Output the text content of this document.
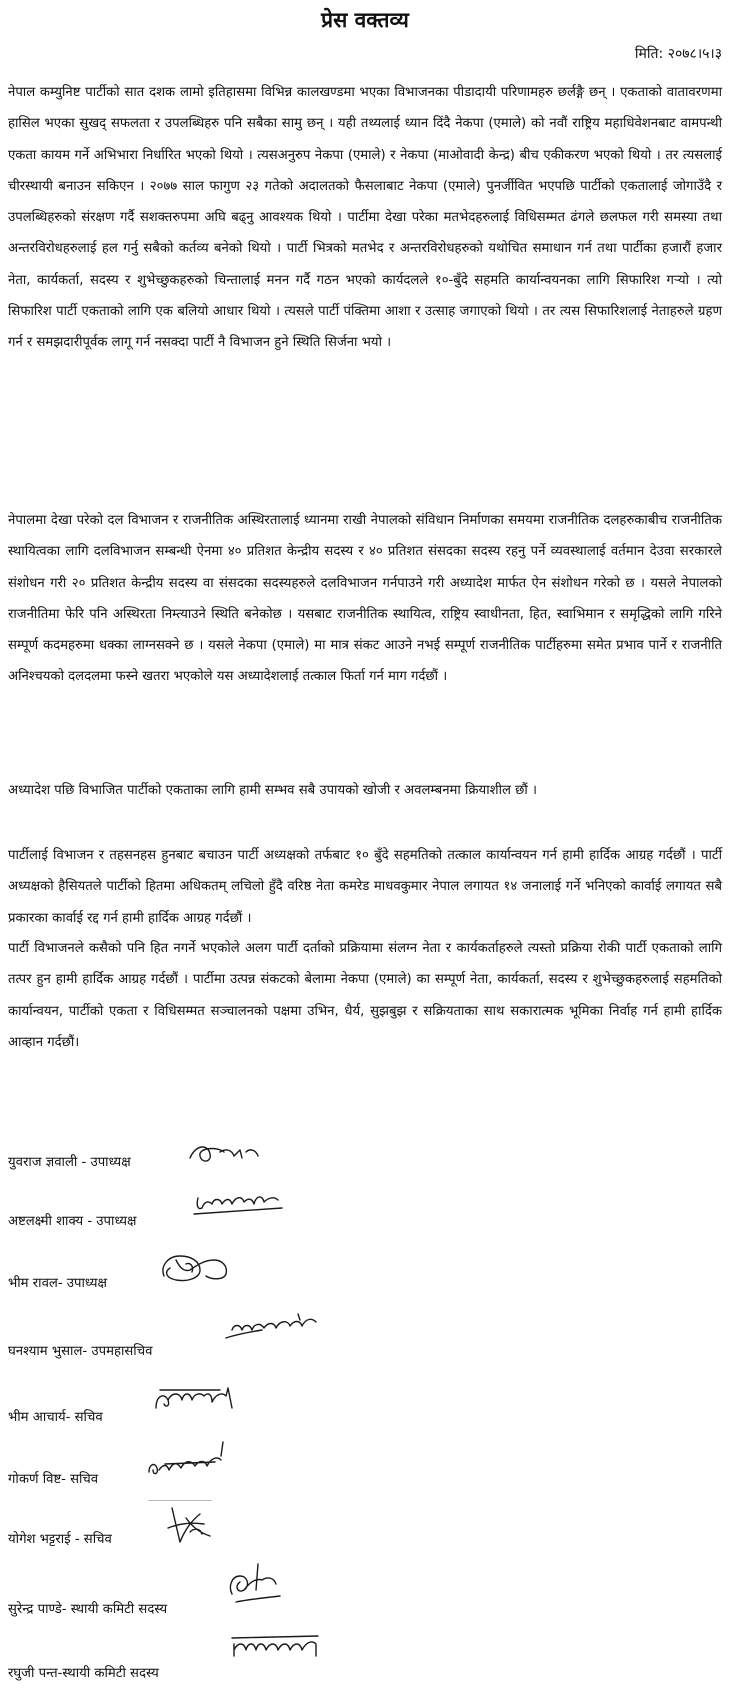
प्रेस वक्तव्य
मिति: २०७८।५।३

नेपाल कम्युनिष्ट पार्टीको सात दशक लामो इतिहासमा विभिन्न कालखण्डमा भएका विभाजनका पीडादायी परिणामहरु छर्लङ्गै छन् । एकताको वातावरणमा हासिल भएका सुखद् सफलता र उपलब्धिहरु पनि सबैका सामु छन् । यही तथ्यलाई ध्यान दिंदै नेकपा (एमाले) को नवौं राष्ट्रिय महाधिवेशनबाट वामपन्थी एकता कायम गर्ने अभिभारा निर्धारित भएको थियो । त्यसअनुरुप नेकपा (एमाले) र नेकपा (माओवादी केन्द्र) बीच एकीकरण भएको थियो । तर त्यसलाई चीरस्थायी बनाउन सकिएन । २०७७ साल फागुण २३ गतेको अदालतको फैसलाबाट नेकपा (एमाले) पुनर्जीवित भएपछि पार्टीको एकतालाई जोगाउँदै र उपलब्धिहरुको संरक्षण गर्दै सशक्तरुपमा अघि बढ्नु आवश्यक थियो । पार्टीमा देखा परेका मतभेदहरुलाई विधिसम्मत ढंगले छलफल गरी समस्या तथा अन्तरविरोधहरुलाई हल गर्नु सबैको कर्तव्य बनेको थियो । पार्टी भित्रको मतभेद र अन्तरविरोधहरुको यथोचित समाधान गर्न तथा पार्टीका हजारौं हजार नेता, कार्यकर्ता, सदस्य र शुभेच्छुकहरुको चिन्तालाई मनन गर्दै गठन भएको कार्यदलले १०-बुँदे सहमति कार्यान्वयनका लागि सिफारिश गऱ्यो । त्यो सिफारिश पार्टी एकताको लागि एक बलियो आधार थियो । त्यसले पार्टी पंक्तिमा आशा र उत्साह जगाएको थियो । तर त्यस सिफारिशलाई नेताहरुले ग्रहण गर्न र समझदारीपूर्वक लागू गर्न नसक्दा पार्टी नै विभाजन हुने स्थिति सिर्जना भयो ।

नेपालमा देखा परेको दल विभाजन र राजनीतिक अस्थिरतालाई ध्यानमा राखी नेपालको संविधान निर्माणका समयमा राजनीतिक दलहरुकाबीच राजनीतिक स्थायित्वका लागि दलविभाजन सम्बन्धी ऐनमा ४० प्रतिशत केन्द्रीय सदस्य र ४० प्रतिशत संसदका सदस्य रहनु पर्ने व्यवस्थालाई वर्तमान देउवा सरकारले संशोधन गरी २० प्रतिशत केन्द्रीय सदस्य वा संसदका सदस्यहरुले दलविभाजन गर्नपाउने गरी अध्यादेश मार्फत ऐन संशोधन गरेको छ । यसले नेपालको राजनीतिमा फेरि पनि अस्थिरता निम्त्याउने स्थिति बनेकोछ । यसबाट राजनीतिक स्थायित्व, राष्ट्रिय स्वाधीनता, हित, स्वाभिमान र समृद्धिको लागि गरिने सम्पूर्ण कदमहरुमा धक्का लाग्नसक्ने छ । यसले नेकपा (एमाले) मा मात्र संकट आउने नभई सम्पूर्ण राजनीतिक पार्टीहरुमा समेत प्रभाव पार्ने र राजनीति अनिश्चयको दलदलमा फस्ने खतरा भएकोले यस अध्यादेशलाई तत्काल फिर्ता गर्न माग गर्दछौं ।

अध्यादेश पछि विभाजित पार्टीको एकताका लागि हामी सम्भव सबै उपायको खोजी र अवलम्बनमा क्रियाशील छौं ।

पार्टीलाई विभाजन र तहसनहस हुनबाट बचाउन पार्टी अध्यक्षको तर्फबाट १० बुँदे सहमतिको तत्काल कार्यान्वयन गर्न हामी हार्दिक आग्रह गर्दछौं । पार्टी अध्यक्षको हैसियतले पार्टीको हितमा अधिकतम् लचिलो हुँदै वरिष्ठ नेता कमरेड माधवकुमार नेपाल लगायत १४ जनालाई गर्ने भनिएको कार्वाई लगायत सबै प्रकारका कार्वाई रद्द गर्न हामी हार्दिक आग्रह गर्दछौं ।

पार्टी विभाजनले कसैको पनि हित नगर्ने भएकोले अलग पार्टी दर्ताको प्रक्रियामा संलग्न नेता र कार्यकर्ताहरुले त्यस्तो प्रक्रिया रोकी पार्टी एकताको लागि तत्पर हुन हामी हार्दिक आग्रह गर्दछौं । पार्टीमा उत्पन्न संकटको बेलामा नेकपा (एमाले) का सम्पूर्ण नेता, कार्यकर्ता, सदस्य र शुभेच्छुकहरुलाई सहमतिको कार्यान्वयन, पार्टीको एकता र विधिसम्मत सञ्चालनको पक्षमा उभिन, धैर्य, सुझबुझ र सक्रियताका साथ सकारात्मक भूमिका निर्वाह गर्न हामी हार्दिक आव्हान गर्दछौं।

युवराज ज्ञवाली - उपाध्यक्ष
अष्टलक्ष्मी शाक्य - उपाध्यक्ष
भीम रावल- उपाध्यक्ष
घनश्याम भुसाल- उपमहासचिव
भीम आचार्य- सचिव
गोकर्ण विष्ट- सचिव
योगेश भट्टराई - सचिव
सुरेन्द्र पाण्डे- स्थायी कमिटी सदस्य
रघुजी पन्त-स्थायी कमिटी सदस्य
